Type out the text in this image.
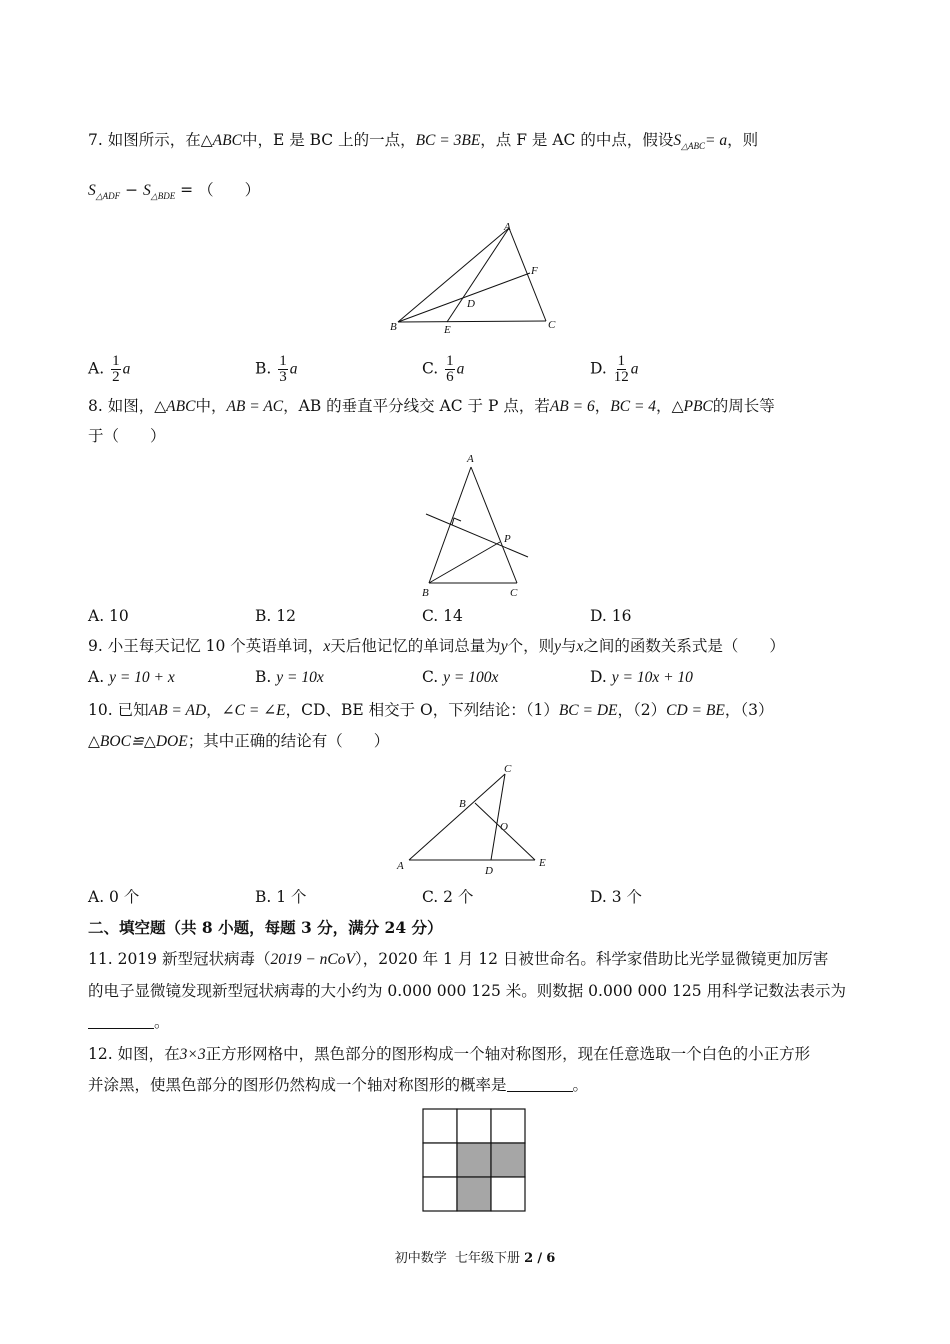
7. 如图所示，在△ABC中，E 是 BC 上的一点，BC = 3BE，点 F 是 AC 的中点，假设$S_{\triangle ABC}= a$，则
$S_{\triangle ADF} - S_{\triangle BDE}$ = （　　）
A
B	C
D
E
F
A. $\frac{1}{2}$ a	B. $\frac{1}{3}$ a	C. $\frac{1}{6}$ a	D. $\frac{1}{12}$ a
8. 如图，△ABC中，AB = AC，AB 的垂直平分线交 AC 于 P 点，若AB = 6，BC = 4，△PBC的周长等
于（　　）
A
B	C
P
A. 10	B. 12	C. 14	D. 16
9. 小王每天记忆 10 个英语单词，x天后他记忆的单词总量为y个，则y与x之间的函数关系式是（　　）
A. y = 10 + x	B. y = 10x	C. y = 100x	D. y = 10x + 10
10. 已知AB = AD，∠C = ∠E，CD、BE 相交于 O，下列结论：（1）BC = DE，（2）CD = BE，（3）
△BOC≌△DOE；其中正确的结论有（　　）
A
B
C
D
E
O
A. 0 个	B. 1 个	C. 2 个	D. 3 个
二、填空题（共 8 小题，每题 3 分，满分 24 分）
11. 2019 新型冠状病毒（2019 − nCoV），2020 年 1 月 12 日被世命名。科学家借助比光学显微镜更加厉害
的电子显微镜发现新型冠状病毒的大小约为 0.000 000 125 米。则数据 0.000 000 125 用科学记数法表示为
。
12. 如图，在3×3正方形网格中，黑色部分的图形构成一个轴对称图形，现在任意选取一个白色的小正方形
并涂黑，使黑色部分的图形仍然构成一个轴对称图形的概率是	。
初中数学 七年级下册 2 / 6
